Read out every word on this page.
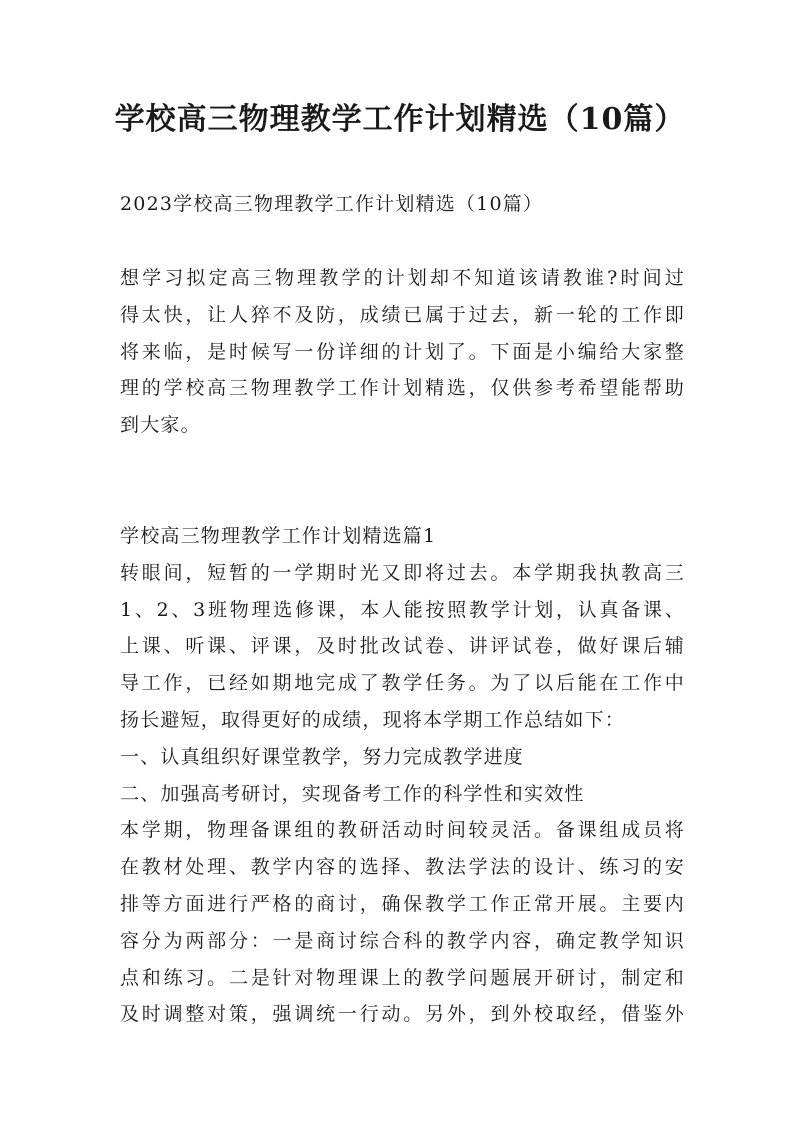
学校高三物理教学工作计划精选（10篇）

2023学校高三物理教学工作计划精选（10篇）

想学习拟定高三物理教学的计划却不知道该请教谁?时间过
得太快，让人猝不及防，成绩已属于过去，新一轮的工作即
将来临，是时候写一份详细的计划了。下面是小编给大家整
理的学校高三物理教学工作计划精选，仅供参考希望能帮助
到大家。

学校高三物理教学工作计划精选篇1
转眼间，短暂的一学期时光又即将过去。本学期我执教高三
1、2、3班物理选修课，本人能按照教学计划，认真备课、
上课、听课、评课，及时批改试卷、讲评试卷，做好课后辅
导工作，已经如期地完成了教学任务。为了以后能在工作中
扬长避短，取得更好的成绩，现将本学期工作总结如下：
一、认真组织好课堂教学，努力完成教学进度
二、加强高考研讨，实现备考工作的科学性和实效性
本学期，物理备课组的教研活动时间较灵活。备课组成员将
在教材处理、教学内容的选择、教法学法的设计、练习的安
排等方面进行严格的商讨，确保教学工作正常开展。主要内
容分为两部分：一是商讨综合科的教学内容，确定教学知识
点和练习。二是针对物理课上的教学问题展开研讨，制定和
及时调整对策，强调统一行动。另外，到外校取经，借鉴外
